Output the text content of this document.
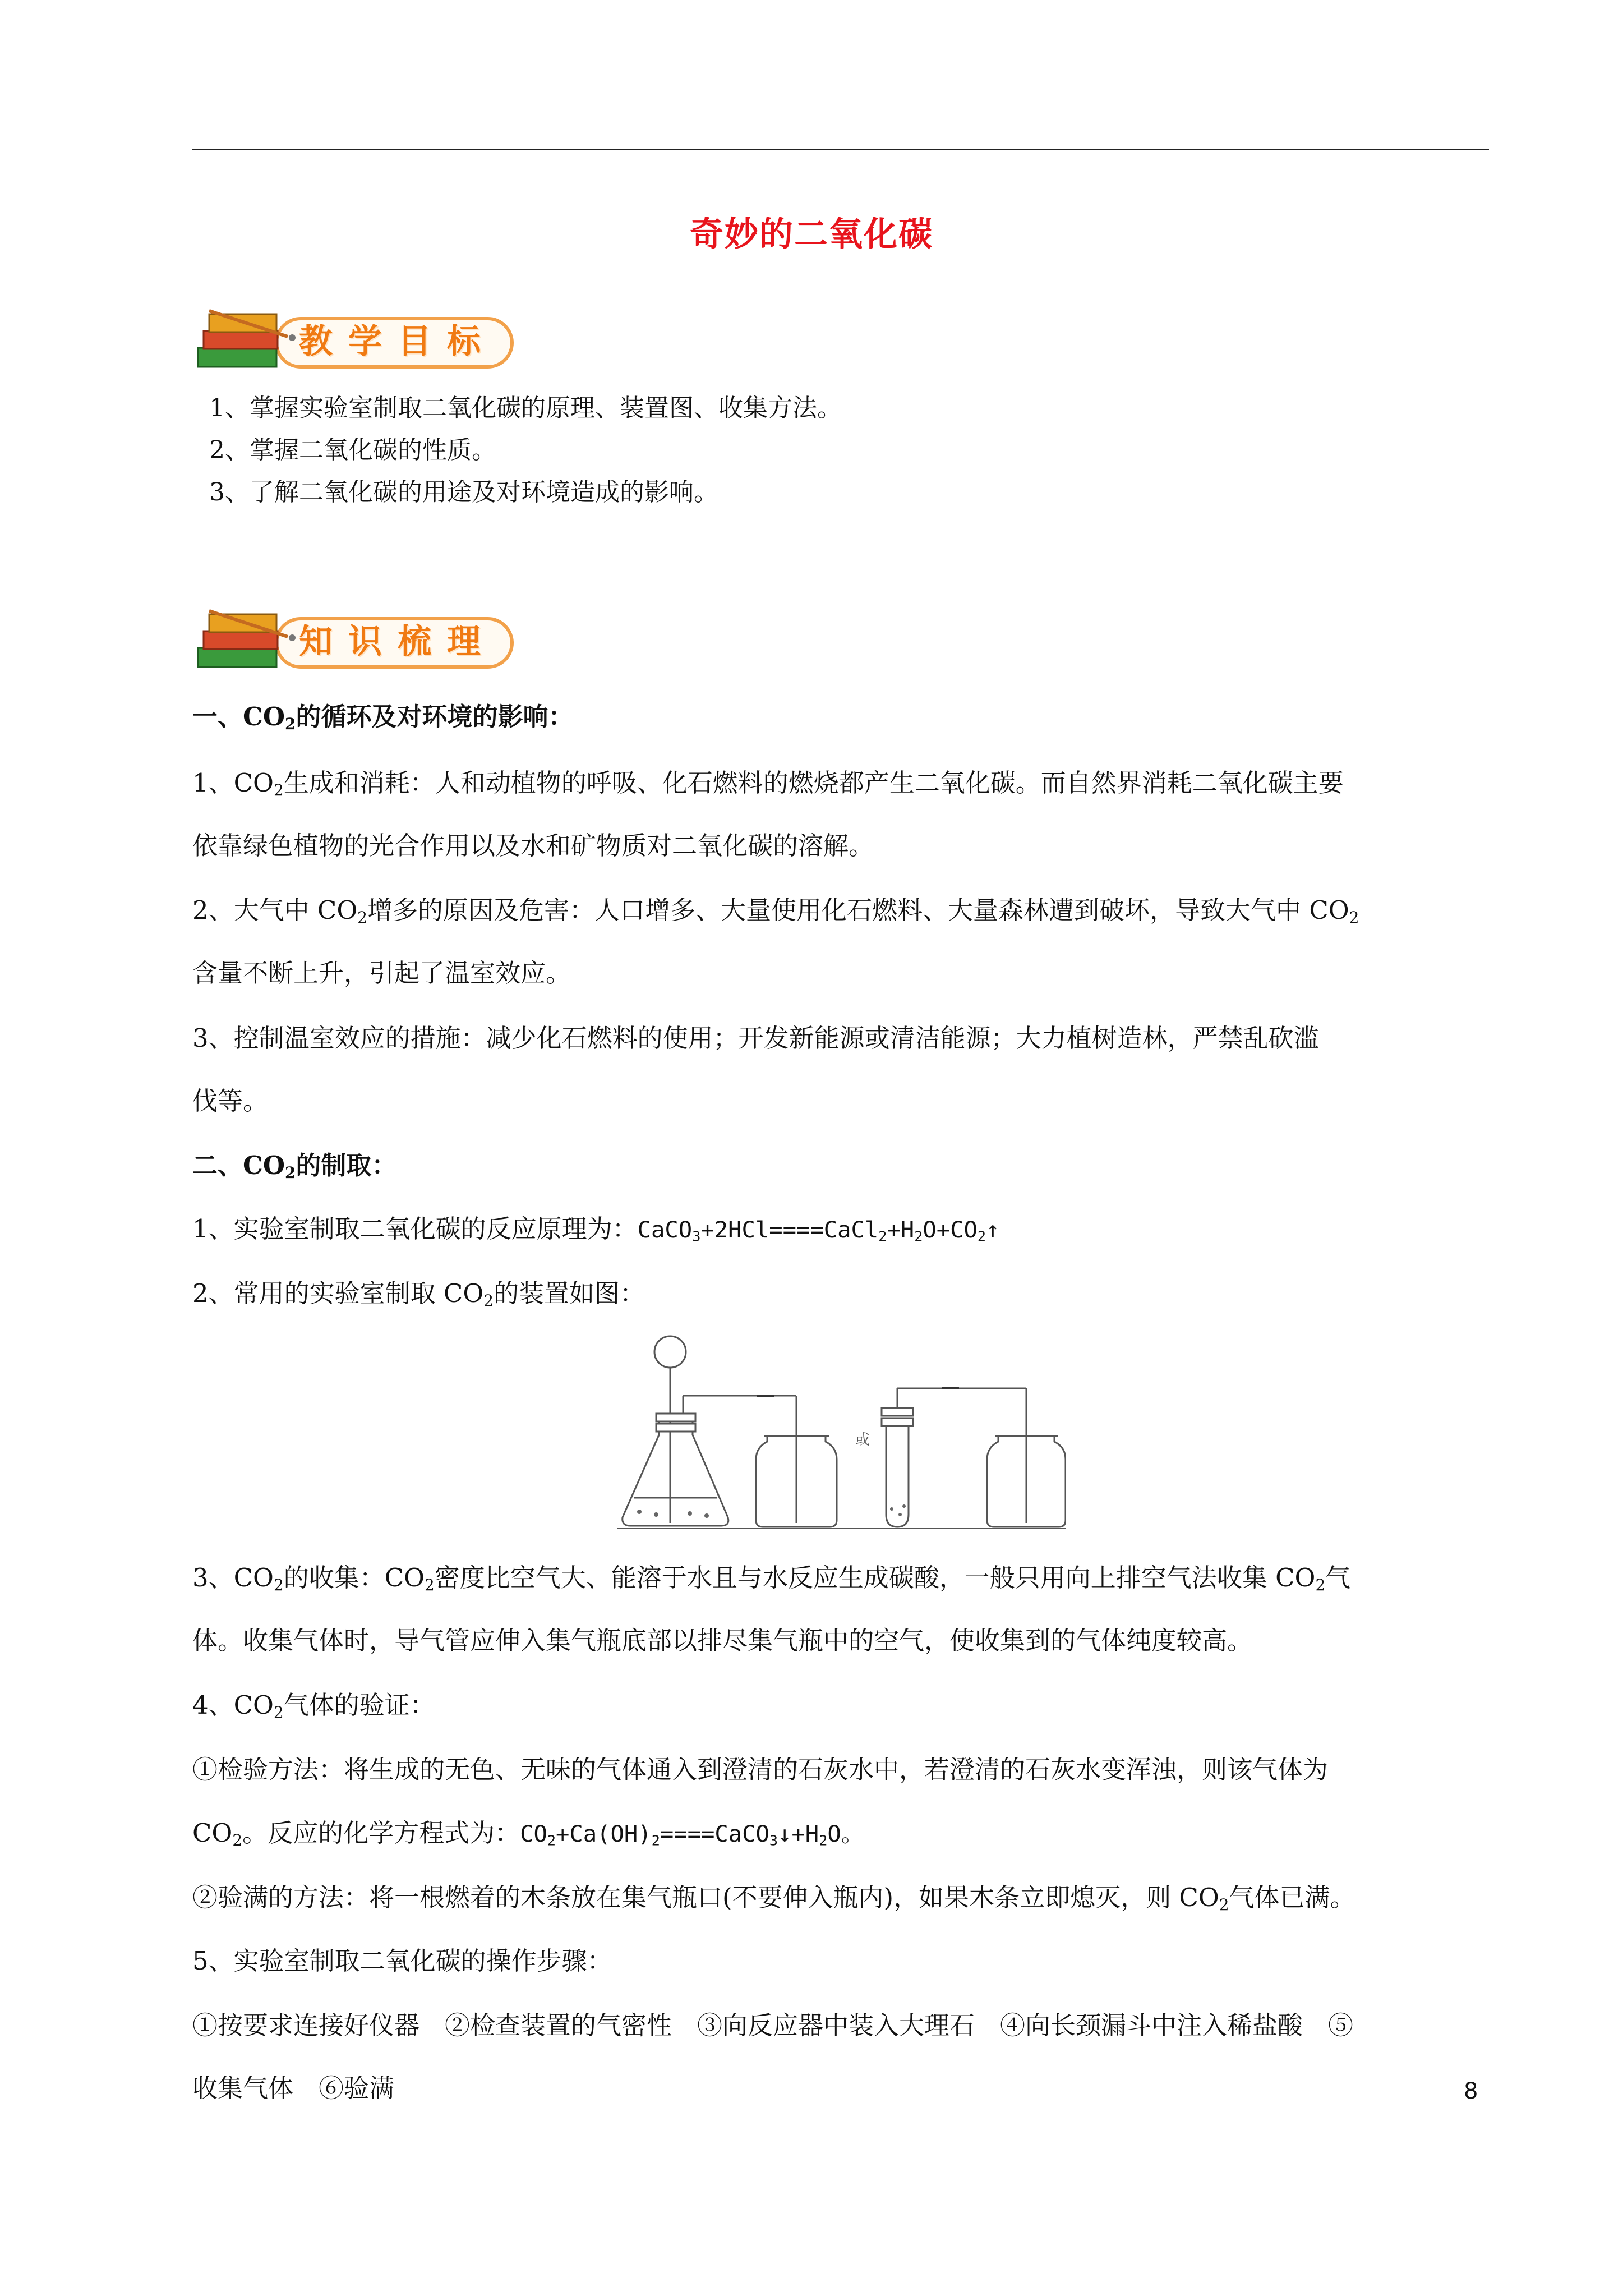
奇妙的二氧化碳
教学目标
1、掌握实验室制取二氧化碳的原理、装置图、收集方法。
2、掌握二氧化碳的性质。
3、了解二氧化碳的用途及对环境造成的影响。
知识梳理
一、$CO_2$的循环及对环境的影响：
1、$CO_2$生成和消耗：人和动植物的呼吸、化石燃料的燃烧都产生二氧化碳。而自然界消耗二氧化碳主要
依靠绿色植物的光合作用以及水和矿物质对二氧化碳的溶解。
2、大气中 $CO_2$增多的原因及危害：人口增多、大量使用化石燃料、大量森林遭到破坏，导致大气中 $CO_2$
含量不断上升，引起了温室效应。
3、控制温室效应的措施：减少化石燃料的使用；开发新能源或清洁能源；大力植树造林，严禁乱砍滥
伐等。
二、$CO_2$的制取：
1、实验室制取二氧化碳的反应原理为：$CaCO_3+2HCl====CaCl_2+H_2O+CO_2↑$
2、常用的实验室制取 $CO_2$的装置如图：
或
3、$CO_2$的收集：$CO_2$密度比空气大、能溶于水且与水反应生成碳酸，一般只用向上排空气法收集 $CO_2$气
体。收集气体时，导气管应伸入集气瓶底部以排尽集气瓶中的空气，使收集到的气体纯度较高。
4、$CO_2$气体的验证：
①检验方法：将生成的无色、无味的气体通入到澄清的石灰水中，若澄清的石灰水变浑浊，则该气体为
$CO_2$。反应的化学方程式为：$CO_2+Ca(OH)_2====CaCO_3↓+H_2O$。
②验满的方法：将一根燃着的木条放在集气瓶口(不要伸入瓶内)，如果木条立即熄灭，则 $CO_2$气体已满。
5、实验室制取二氧化碳的操作步骤：
①按要求连接好仪器　②检查装置的气密性　③向反应器中装入大理石　④向长颈漏斗中注入稀盐酸　⑤
收集气体　⑥验满	8
